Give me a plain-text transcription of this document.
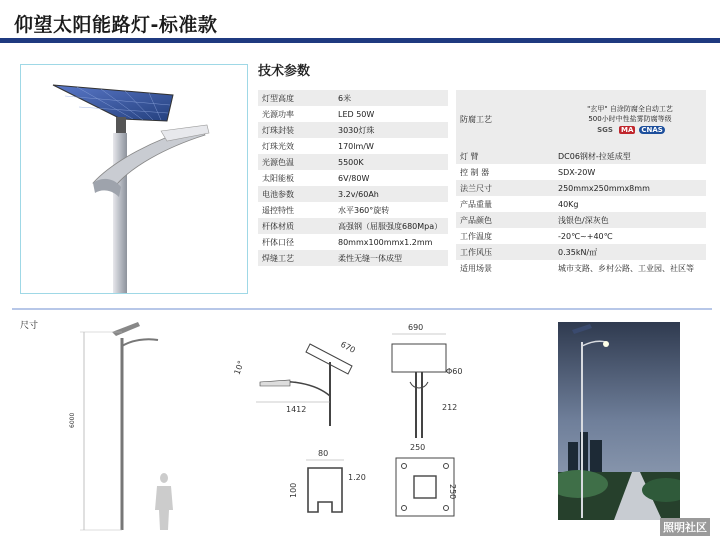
仰望太阳能路灯-标准款
技术参数
灯型高度	6米
光源功率	LED 50W
灯珠封装	3030灯珠
灯珠光效	170lm/W
光源色温	5500K
太阳能板	6V/80W
电池参数	3.2v/60Ah
遥控特性	水平360°旋转
杆体材质	高强钢（屈服强度680Mpa）
杆体口径	80mmx100mmx1.2mm
焊缝工艺	柔性无缝一体成型
防腐工艺	"玄甲" 自涂防腐全自动工艺
500小时中性盐雾防腐等级
SGS MA CNAS

灯 臂	DC06钢材-拉延成型
控 制 器	SDX-20W
法兰尺寸	250mmx250mmx8mm
产品重量	40Kg
产品颜色	浅银色/深灰色
工作温度	-20℃~+40℃
工作风压	0.35kN/㎡
适用场景	城市支路、乡村公路、工业园、社区等
尺寸
6000
1412
10°
670
690
Φ60
212
80
1.20
100
250
250
照明社区
